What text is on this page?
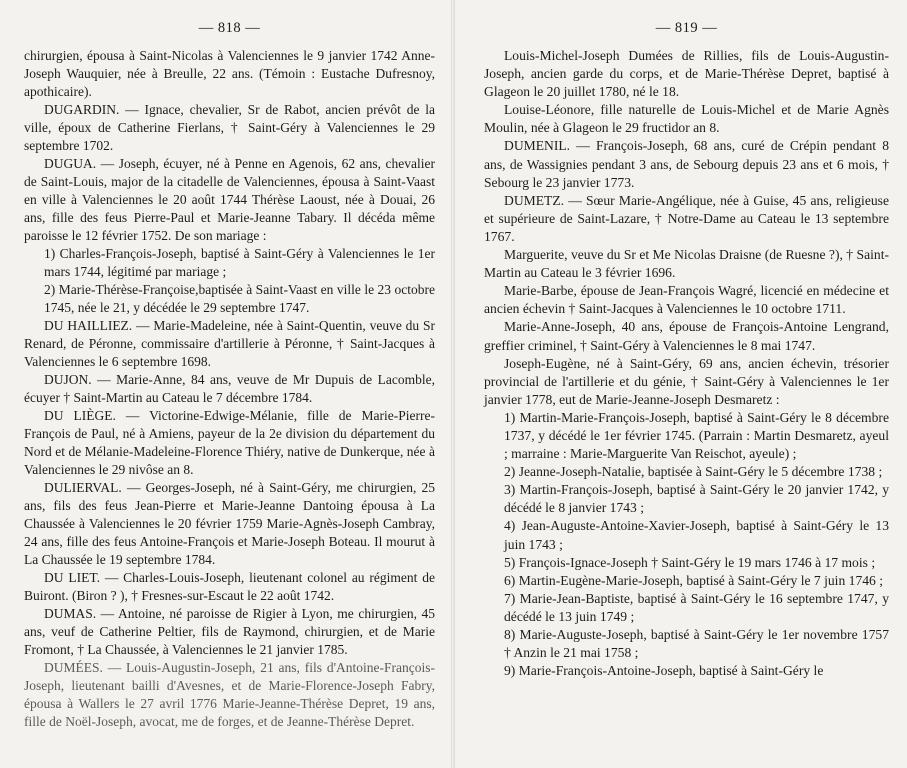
— 818 —

chirurgien, épousa à Saint-Nicolas à Valenciennes le 9 janvier 1742 Anne-Joseph Wauquier, née à Breulle, 22 ans. (Témoin : Eustache Dufresnoy, apothicaire).

DUGARDIN. — Ignace, chevalier, Sr de Rabot, ancien prévôt de la ville, époux de Catherine Fierlans, † Saint-Géry à Valenciennes le 29 septembre 1702.

DUGUA. — Joseph, écuyer, né à Penne en Agenois, 62 ans, chevalier de Saint-Louis, major de la citadelle de Valenciennes, épousa à Saint-Vaast en ville à Valenciennes le 20 août 1744 Thérèse Laoust, née à Douai, 26 ans, fille des feus Pierre-Paul et Marie-Jeanne Tabary. Il décéda même paroisse le 12 février 1752. De son mariage :

1) Charles-François-Joseph, baptisé à Saint-Géry à Valenciennes le 1er mars 1744, légitimé par mariage ;

2) Marie-Thérèse-Françoise,baptisée à Saint-Vaast en ville le 23 octobre 1745, née le 21, y décédée le 29 septembre 1747.

DU HAILLIEZ. — Marie-Madeleine, née à Saint-Quentin, veuve du Sr Renard, de Péronne, commissaire d'artillerie à Péronne, † Saint-Jacques à Valenciennes le 6 septembre 1698.

DUJON. — Marie-Anne, 84 ans, veuve de Mr Dupuis de Lacomble, écuyer † Saint-Martin au Cateau le 7 décembre 1784.

DU LIÈGE. — Victorine-Edwige-Mélanie, fille de Marie-Pierre-François de Paul, né à Amiens, payeur de la 2e division du département du Nord et de Mélanie-Madeleine-Florence Thiéry, native de Dunkerque, née à Valenciennes le 29 nivôse an 8.

DULIERVAL. — Georges-Joseph, né à Saint-Géry, me chirurgien, 25 ans, fils des feus Jean-Pierre et Marie-Jeanne Dantoing épousa à La Chaussée à Valenciennes le 20 février 1759 Marie-Agnès-Joseph Cambray, 24 ans, fille des feus Antoine-François et Marie-Joseph Boteau. Il mourut à La Chaussée le 19 septembre 1784.

DU LIET. — Charles-Louis-Joseph, lieutenant colonel au régiment de Buiront. (Biron ? ), † Fresnes-sur-Escaut le 22 août 1742.

DUMAS. — Antoine, né paroisse de Rigier à Lyon, me chirurgien, 45 ans, veuf de Catherine Peltier, fils de Raymond, chirurgien, et de Marie Fromont, † La Chaussée, à Valenciennes le 21 janvier 1785.

DUMÉES. — Louis-Augustin-Joseph, 21 ans, fils d'Antoine-François-Joseph, lieutenant bailli d'Avesnes, et de Marie-Florence-Joseph Fabry, épousa à Wallers le 27 avril 1776 Marie-Jeanne-Thérèse Depret, 19 ans, fille de Noël-Joseph, avocat, me de forges, et de Jeanne-Thérèse Depret.

— 819 —

Louis-Michel-Joseph Dumées de Rillies, fils de Louis-Augustin-Joseph, ancien garde du corps, et de Marie-Thérèse Depret, baptisé à Glageon le 20 juillet 1780, né le 18.

Louise-Léonore, fille naturelle de Louis-Michel et de Marie Agnès Moulin, née à Glageon le 29 fructidor an 8.

DUMENIL. — François-Joseph, 68 ans, curé de Crépin pendant 8 ans, de Wassignies pendant 3 ans, de Sebourg depuis 23 ans et 6 mois, † Sebourg le 23 janvier 1773.

DUMETZ. — Sœur Marie-Angélique, née à Guise, 45 ans, religieuse et supérieure de Saint-Lazare, † Notre-Dame au Cateau le 13 septembre 1767.

Marguerite, veuve du Sr et Me Nicolas Draisne (de Ruesne ?), † Saint-Martin au Cateau le 3 février 1696.

Marie-Barbe, épouse de Jean-François Wagré, licencié en médecine et ancien échevin † Saint-Jacques à Valenciennes le 10 octobre 1711.

Marie-Anne-Joseph, 40 ans, épouse de François-Antoine Lengrand, greffier criminel, † Saint-Géry à Valenciennes le 8 mai 1747.

Joseph-Eugène, né à Saint-Géry, 69 ans, ancien échevin, trésorier provincial de l'artillerie et du génie, † Saint-Géry à Valenciennes le 1er janvier 1778, eut de Marie-Jeanne-Joseph Desmaretz :

1) Martin-Marie-François-Joseph, baptisé à Saint-Géry le 8 décembre 1737, y décédé le 1er février 1745. (Parrain : Martin Desmaretz, ayeul ; marraine : Marie-Marguerite Van Reischot, ayeule) ;

2) Jeanne-Joseph-Natalie, baptisée à Saint-Géry le 5 décembre 1738 ;

3) Martin-François-Joseph, baptisé à Saint-Géry le 20 janvier 1742, y décédé le 8 janvier 1743 ;

4) Jean-Auguste-Antoine-Xavier-Joseph, baptisé à Saint-Géry le 13 juin 1743 ;

5) François-Ignace-Joseph † Saint-Géry le 19 mars 1746 à 17 mois ;

6) Martin-Eugène-Marie-Joseph, baptisé à Saint-Géry le 7 juin 1746 ;

7) Marie-Jean-Baptiste, baptisé à Saint-Géry le 16 septembre 1747, y décédé le 13 juin 1749 ;

8) Marie-Auguste-Joseph, baptisé à Saint-Géry le 1er novembre 1757 † Anzin le 21 mai 1758 ;

9) Marie-François-Antoine-Joseph, baptisé à Saint-Géry le
